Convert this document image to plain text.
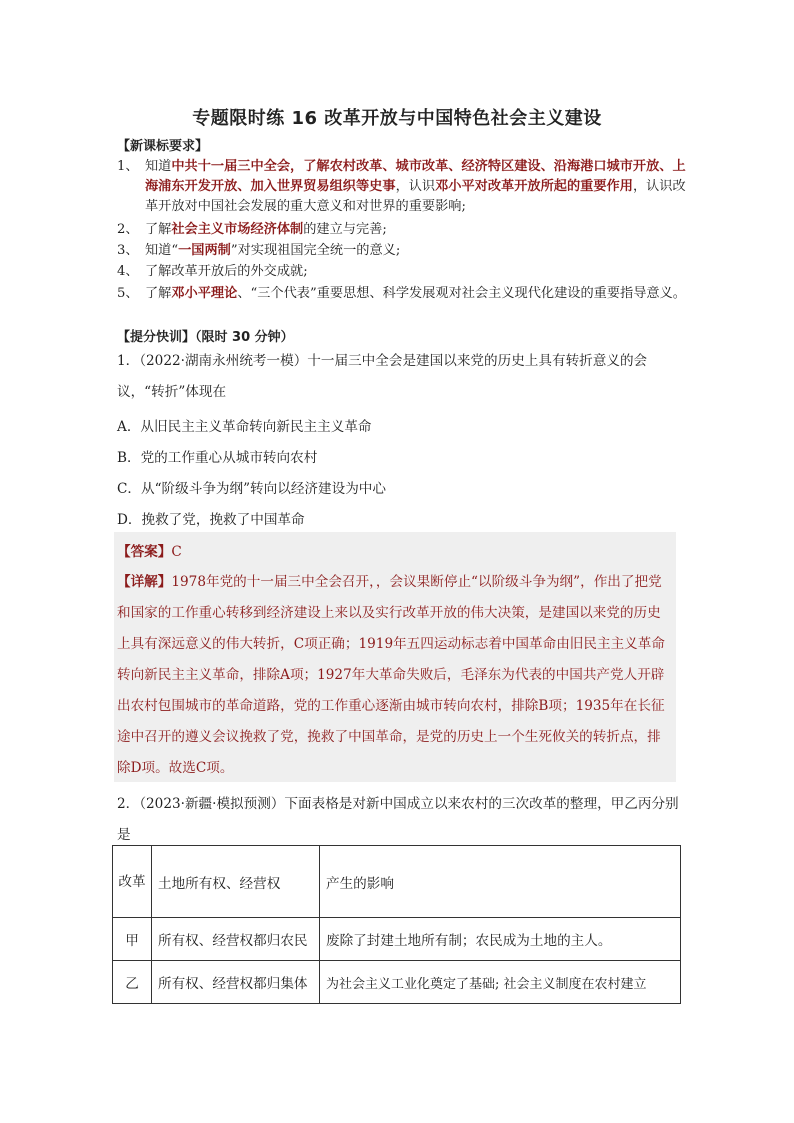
专题限时练 16 改革开放与中国特色社会主义建设
【新课标要求】
1、 知道中共十一届三中全会，了解农村改革、城市改革、经济特区建设、沿海港口城市开放、上海浦东开发开放、加入世界贸易组织等史事，认识邓小平对改革开放所起的重要作用，认识改革开放对中国社会发展的重大意义和对世界的重要影响;
2、 了解社会主义市场经济体制的建立与完善;
3、 知道“一国两制”对实现祖国完全统一的意义;
4、 了解改革开放后的外交成就;
5、 了解邓小平理论、“三个代表”重要思想、科学发展观对社会主义现代化建设的重要指导意义。
【提分快训】（限时 30 分钟）
1．（2022·湖南永州统考一模）十一届三中全会是建国以来党的历史上具有转折意义的会议，“转折”体现在
A．从旧民主主义革命转向新民主主义革命
B．党的工作重心从城市转向农村
C．从“阶级斗争为纲”转向以经济建设为中心
D．挽救了党，挽救了中国革命
【答案】C
【详解】1978年党的十一届三中全会召开，，会议果断停止“以阶级斗争为纲”，作出了把党和国家的工作重心转移到经济建设上来以及实行改革开放的伟大决策，是建国以来党的历史上具有深远意义的伟大转折，C项正确；1919年五四运动标志着中国革命由旧民主主义革命转向新民主主义革命，排除A项；1927年大革命失败后，毛泽东为代表的中国共产党人开辟出农村包围城市的革命道路，党的工作重心逐渐由城市转向农村，排除B项；1935年在长征途中召开的遵义会议挽救了党，挽救了中国革命，是党的历史上一个生死攸关的转折点，排除D项。故选C项。
2．（2023·新疆·模拟预测）下面表格是对新中国成立以来农村的三次改革的整理，甲乙丙分别是
改革	土地所有权、经营权	产生的影响
甲	所有权、经营权都归农民	废除了封建土地所有制；农民成为土地的主人。
乙	所有权、经营权都归集体	为社会主义工业化奠定了基础; 社会主义制度在农村建立
